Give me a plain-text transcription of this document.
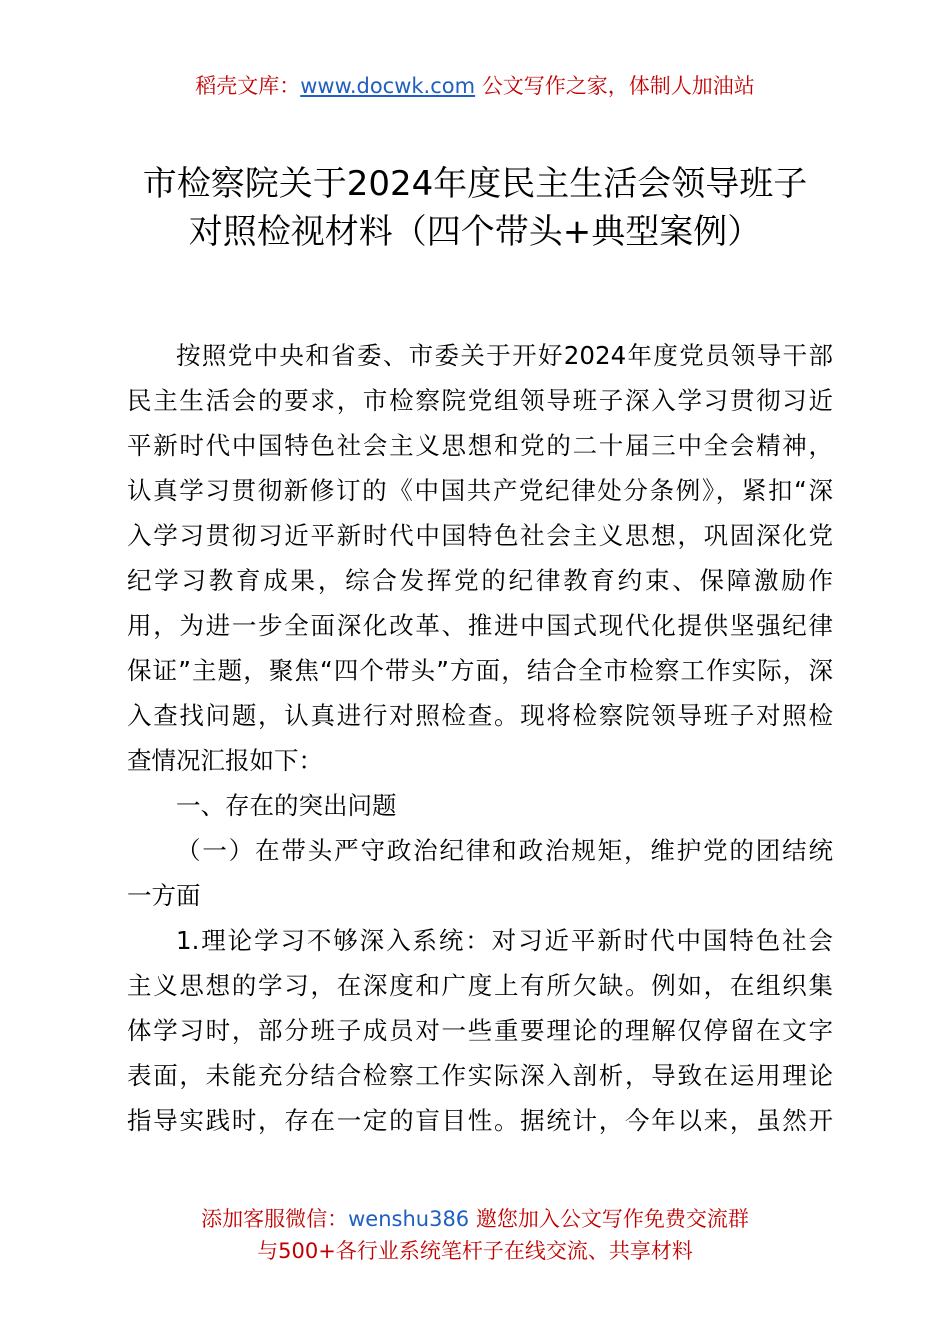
稻壳文库：www.docwk.com 公文写作之家，体制人加油站
市检察院关于2024年度民主生活会领导班子
对照检视材料（四个带头+典型案例）
按照党中央和省委、市委关于开好2024年度党员领导干部
民主生活会的要求，市检察院党组领导班子深入学习贯彻习近
平新时代中国特色社会主义思想和党的二十届三中全会精神，
认真学习贯彻新修订的《中国共产党纪律处分条例》，紧扣“深
入学习贯彻习近平新时代中国特色社会主义思想，巩固深化党
纪学习教育成果，综合发挥党的纪律教育约束、保障激励作
用，为进一步全面深化改革、推进中国式现代化提供坚强纪律
保证”主题，聚焦“四个带头”方面，结合全市检察工作实际，深
入查找问题，认真进行对照检查。现将检察院领导班子对照检
查情况汇报如下：
一、存在的突出问题
（一）在带头严守政治纪律和政治规矩，维护党的团结统
一方面
1.理论学习不够深入系统：对习近平新时代中国特色社会
主义思想的学习，在深度和广度上有所欠缺。例如，在组织集
体学习时，部分班子成员对一些重要理论的理解仅停留在文字
表面，未能充分结合检察工作实际深入剖析，导致在运用理论
指导实践时，存在一定的盲目性。据统计，今年以来，虽然开
添加客服微信：wenshu386 邀您加入公文写作免费交流群
与500+各行业系统笔杆子在线交流、共享材料
